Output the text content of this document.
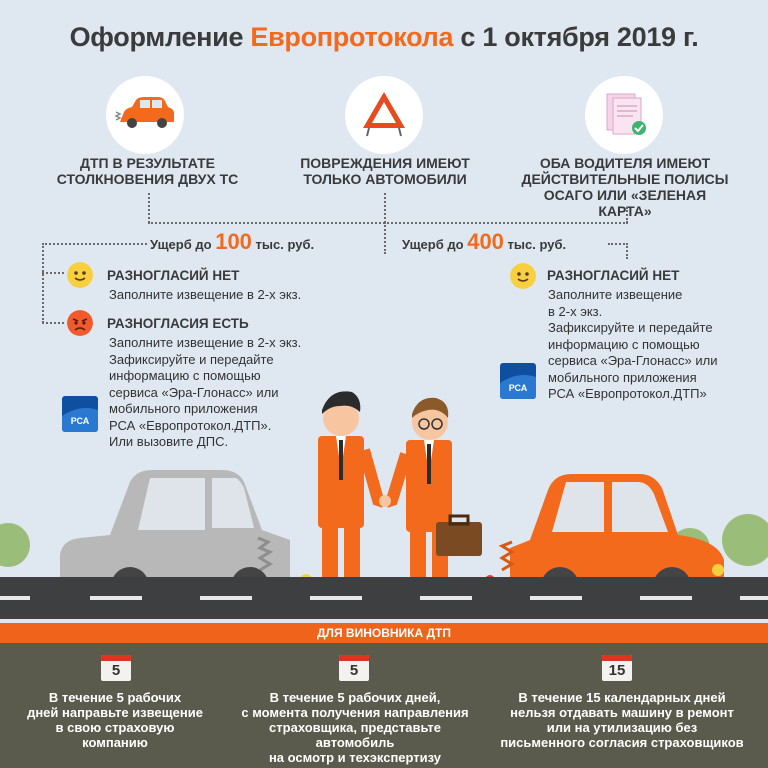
Оформление Европротокола с 1 октября 2019 г.
ДТП В РЕЗУЛЬТАТЕ
СТОЛКНОВЕНИЯ ДВУХ ТС
ПОВРЕЖДЕНИЯ ИМЕЮТ
ТОЛЬКО АВТОМОБИЛИ
ОБА ВОДИТЕЛЯ ИМЕЮТ
ДЕЙСТВИТЕЛЬНЫЕ ПОЛИСЫ
ОСАГО ИЛИ «ЗЕЛЕНАЯ КАРТА»
Ущерб до 100 тыс. руб.	Ущерб до 400 тыс. руб.
РАЗНОГЛАСИЙ НЕТ
Заполните извещение в 2-х экз.
РАЗНОГЛАСИЯ ЕСТЬ
Заполните извещение в 2-х экз.
Зафиксируйте и передайте
информацию с помощью
сервиса «Эра-Глонасс» или
мобильного приложения
РСА «Европротокол.ДТП».
Или вызовите ДПС.
РСА
РАЗНОГЛАСИЙ НЕТ
Заполните извещение
в 2-х экз.
Зафиксируйте и передайте
информацию с помощью
сервиса «Эра-Глонасс» или
мобильного приложения
РСА «Европротокол.ДТП»
РСА
ДЛЯ ВИНОВНИКА ДТП
5
В течение 5 рабочих
дней направьте извещение
в свою страховую
компанию
5
В течение 5 рабочих дней,
с момента получения направления
страховщика, представьте автомобиль
на осмотр и техэкспертизу
15
В течение 15 календарных дней
нельзя отдавать машину в ремонт
или на утилизацию без
письменного согласия страховщиков
